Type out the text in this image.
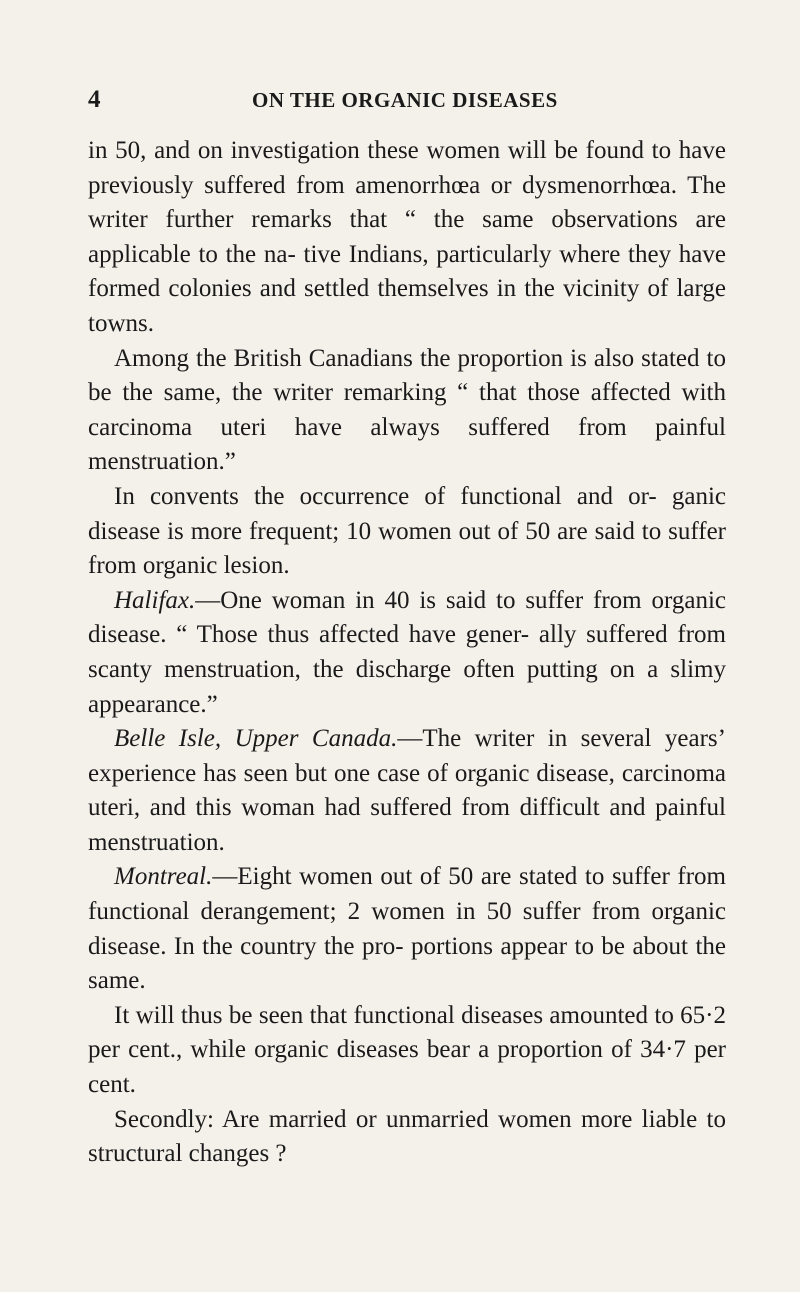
4	ON THE ORGANIC DISEASES

in 50, and on investigation these women will be found to have previously suffered from amenorrhœa or dysmenorrhœa. The writer further remarks that “ the same observations are applicable to the na- tive Indians, particularly where they have formed colonies and settled themselves in the vicinity of large towns.

Among the British Canadians the proportion is also stated to be the same, the writer remarking “ that those affected with carcinoma uteri have always suffered from painful menstruation.”

In convents the occurrence of functional and or- ganic disease is more frequent; 10 women out of 50 are said to suffer from organic lesion.

Halifax.—One woman in 40 is said to suffer from organic disease. “ Those thus affected have gener- ally suffered from scanty menstruation, the discharge often putting on a slimy appearance.”

Belle Isle, Upper Canada.—The writer in several years’ experience has seen but one case of organic disease, carcinoma uteri, and this woman had suffered from difficult and painful menstruation.

Montreal.—Eight women out of 50 are stated to suffer from functional derangement; 2 women in 50 suffer from organic disease. In the country the pro- portions appear to be about the same.

It will thus be seen that functional diseases amounted to 65·2 per cent., while organic diseases bear a proportion of 34·7 per cent.

Secondly: Are married or unmarried women more liable to structural changes ?
